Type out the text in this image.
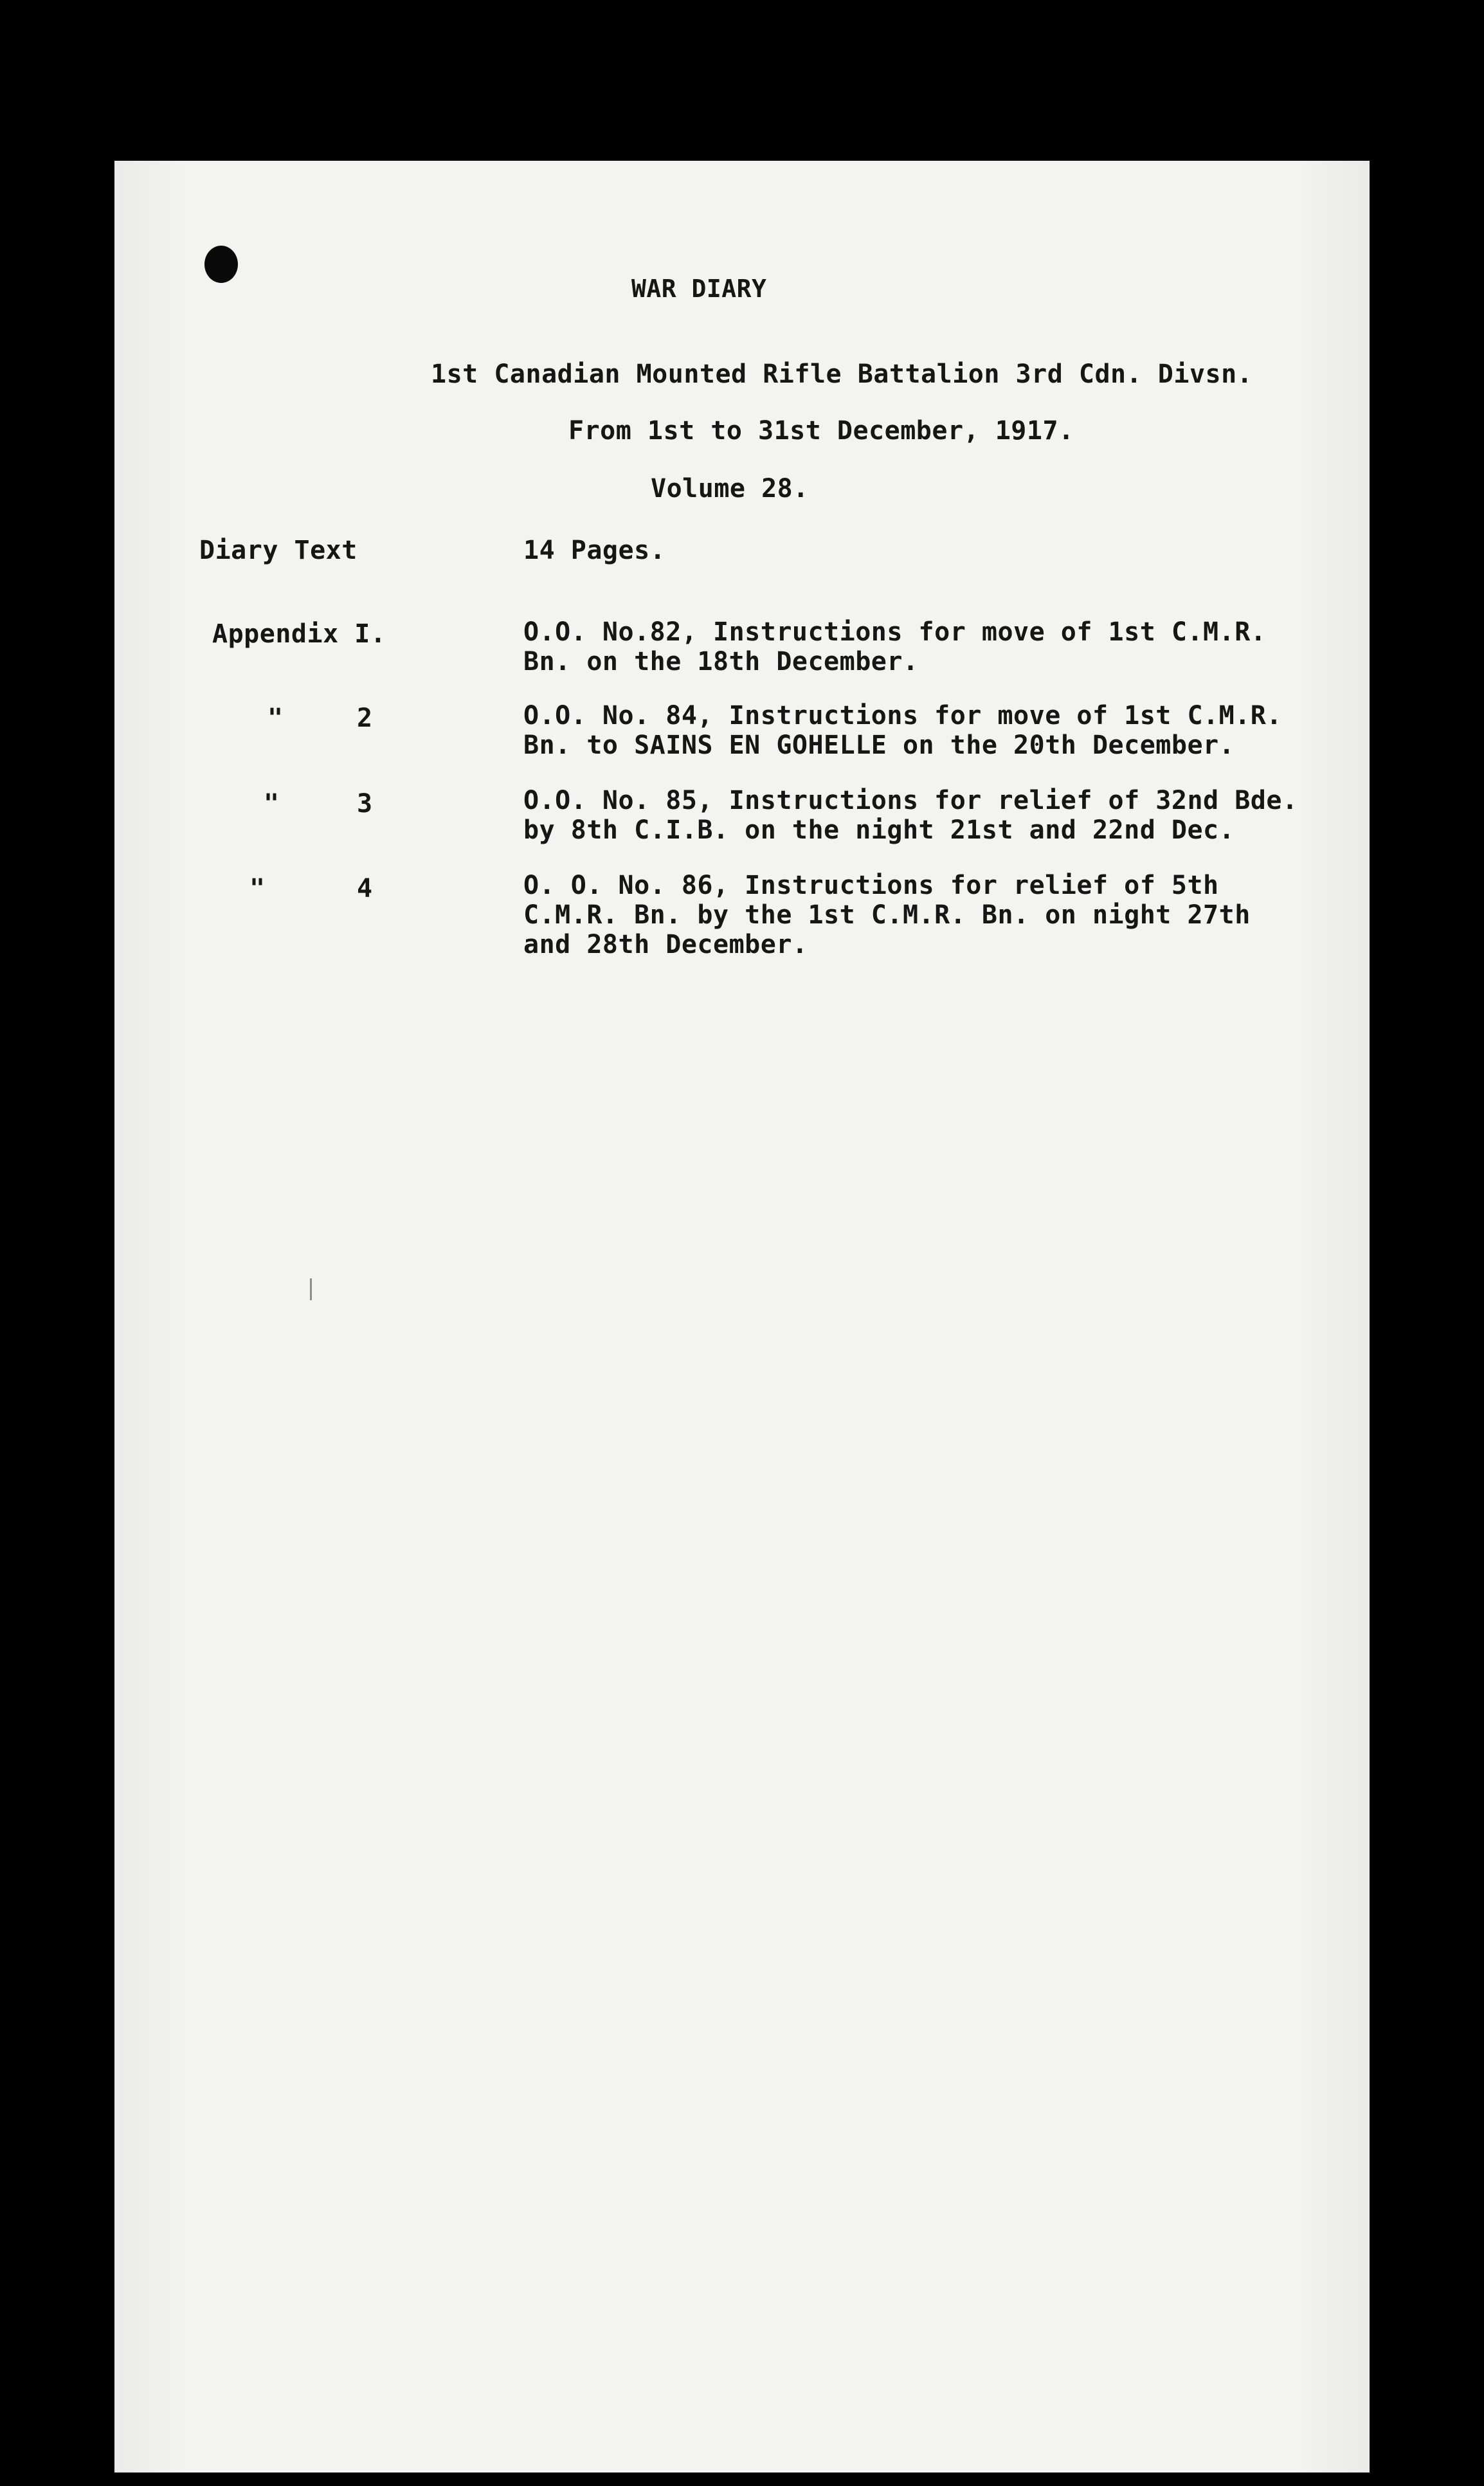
WAR DIARY
1st Canadian Mounted Rifle Battalion 3rd Cdn. Divsn.
From 1st to 31st December, 1917.
Volume 28.
Diary Text	14 Pages.
Appendix I.	O.O. No.82, Instructions for move of 1st C.M.R.
Bn. on the 18th December.
"	2	O.O. No. 84, Instructions for move of 1st C.M.R.
Bn. to SAINS EN GOHELLE on the 20th December.
"	3	O.O. No. 85, Instructions for relief of 32nd Bde.
by 8th C.I.B. on the night 21st and 22nd Dec.
"	4	O. O. No. 86, Instructions for relief of 5th
C.M.R. Bn. by the 1st C.M.R. Bn. on night 27th
and 28th December.
